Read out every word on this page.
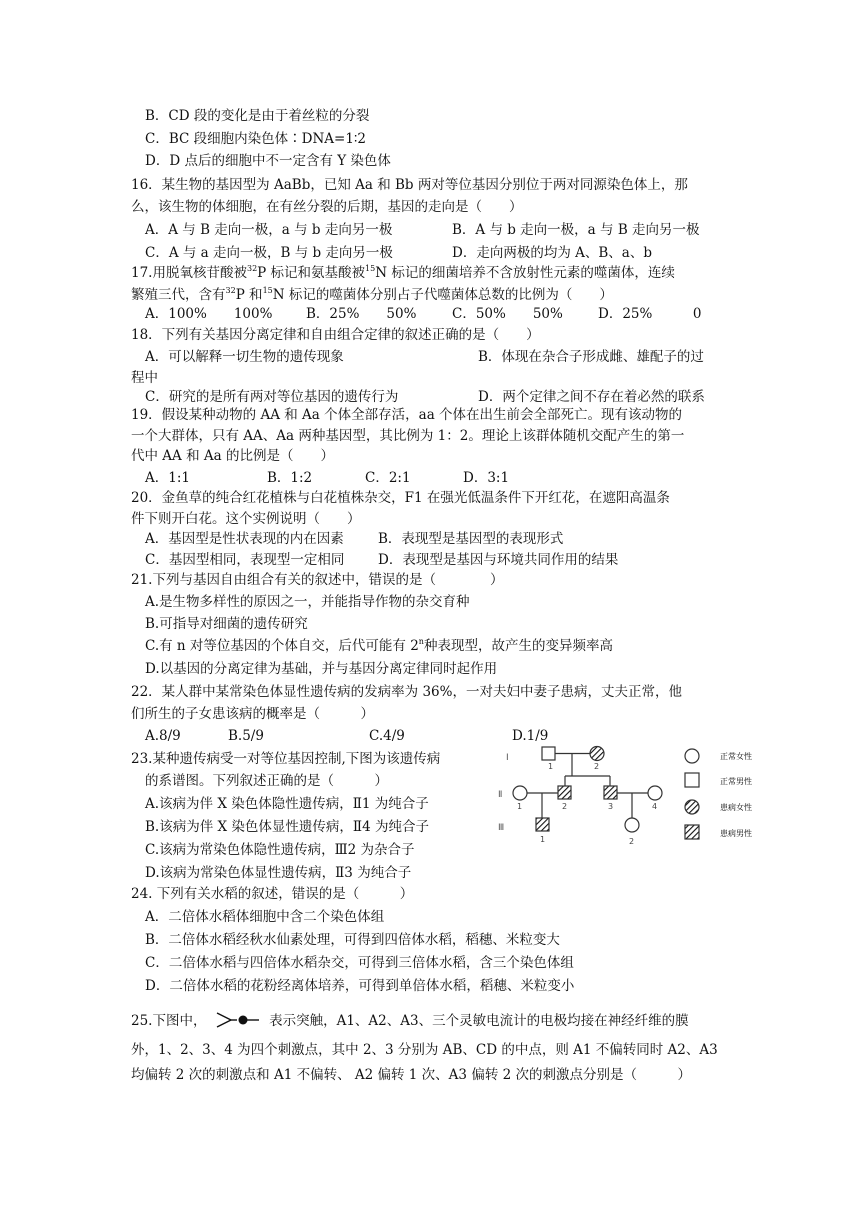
B．CD 段的变化是由于着丝粒的分裂
C．BC 段细胞内染色体∶DNA=1∶2
D．D 点后的细胞中不一定含有 Y 染色体
16．某生物的基因型为 AaBb，已知 Aa 和 Bb 两对等位基因分别位于两对同源染色体上，那
么，该生物的体细胞，在有丝分裂的后期，基因的走向是（　　）
A．A 与 B 走向一极，a 与 b 走向另一极	B．A 与 b 走向一极，a 与 B 走向另一极
C．A 与 a 走向一极，B 与 b 走向另一极	D．走向两极的均为 A、B、a、b
17.用脱氧核苷酸被$^{32}$P 标记和氨基酸被$^{15}$N 标记的细菌培养不含放射性元素的噬菌体，连续
繁殖三代，含有$^{32}$P 和$^{15}$N 标记的噬菌体分别占子代噬菌体总数的比例为（　　）
A．100%　　100% B．25%　　50%	C．50%　　50%	D．25%　　　0
18．下列有关基因分离定律和自由组合定律的叙述正确的是（　　）
A．可以解释一切生物的遗传现象	B．体现在杂合子形成雌、雄配子的过
程中
C．研究的是所有两对等位基因的遗传行为	D．两个定律之间不存在着必然的联系
19．假设某种动物的 AA 和 Aa 个体全部存活，aa 个体在出生前会全部死亡。现有该动物的
一个大群体，只有 AA、Aa 两种基因型，其比例为 1：2。理论上该群体随机交配产生的第一
代中 AA 和 Aa 的比例是（　　）
A．1:1	B．1:2	C．2:1	D．3:1
20．金鱼草的纯合红花植株与白花植株杂交，F1 在强光低温条件下开红花，在遮阳高温条
件下则开白花。这个实例说明（　　）
A．基因型是性状表现的内在因素	B．表现型是基因型的表现形式
C．基因型相同，表现型一定相同 D．表现型是基因与环境共同作用的结果
21.下列与基因自由组合有关的叙述中，错误的是（　　　　）
A.是生物多样性的原因之一，并能指导作物的杂交育种
B.可指导对细菌的遗传研究
C.有 n 对等位基因的个体自交，后代可能有 2$^n$种表现型，故产生的变异频率高
D.以基因的分离定律为基础，并与基因分离定律同时起作用
22．某人群中某常染色体显性遗传病的发病率为 36%，一对夫妇中妻子患病，丈夫正常，他
们所生的子女患该病的概率是（　　　）
A.8/9	B.5/9	C.4/9	D.1/9
23.某种遗传病受一对等位基因控制,下图为该遗传病
的系谱图。下列叙述正确的是（　　　）
A.该病为伴 X 染色体隐性遗传病，Ⅱ1 为纯合子
B.该病为伴 X 染色体显性遗传病，Ⅱ4 为纯合子
C.该病为常染色体隐性遗传病，Ⅲ2 为杂合子
D.该病为常染色体显性遗传病，Ⅱ3 为纯合子
Ⅰ
Ⅱ
Ⅲ
1	2
1	2	3	4
1	2
正常女性
正常男性
患病女性
患病男性
24. 下列有关水稻的叙述，错误的是（　　　）
A．二倍体水稻体细胞中含二个染色体组
B．二倍体水稻经秋水仙素处理，可得到四倍体水稻，稻穗、米粒变大
C．二倍体水稻与四倍体水稻杂交，可得到三倍体水稻，含三个染色体组
D．二倍体水稻的花粉经离体培养，可得到单倍体水稻，稻穗、米粒变小
25.下图中，	表示突触，A1、A2、A3、三个灵敏电流计的电极均接在神经纤维的膜
外，1、2、3、4 为四个刺激点，其中 2、3 分别为 AB、CD 的中点，则 A1 不偏转同时 A2、A3
均偏转 2 次的刺激点和 A1 不偏转、 A2 偏转 1 次、A3 偏转 2 次的刺激点分别是（　　　）
